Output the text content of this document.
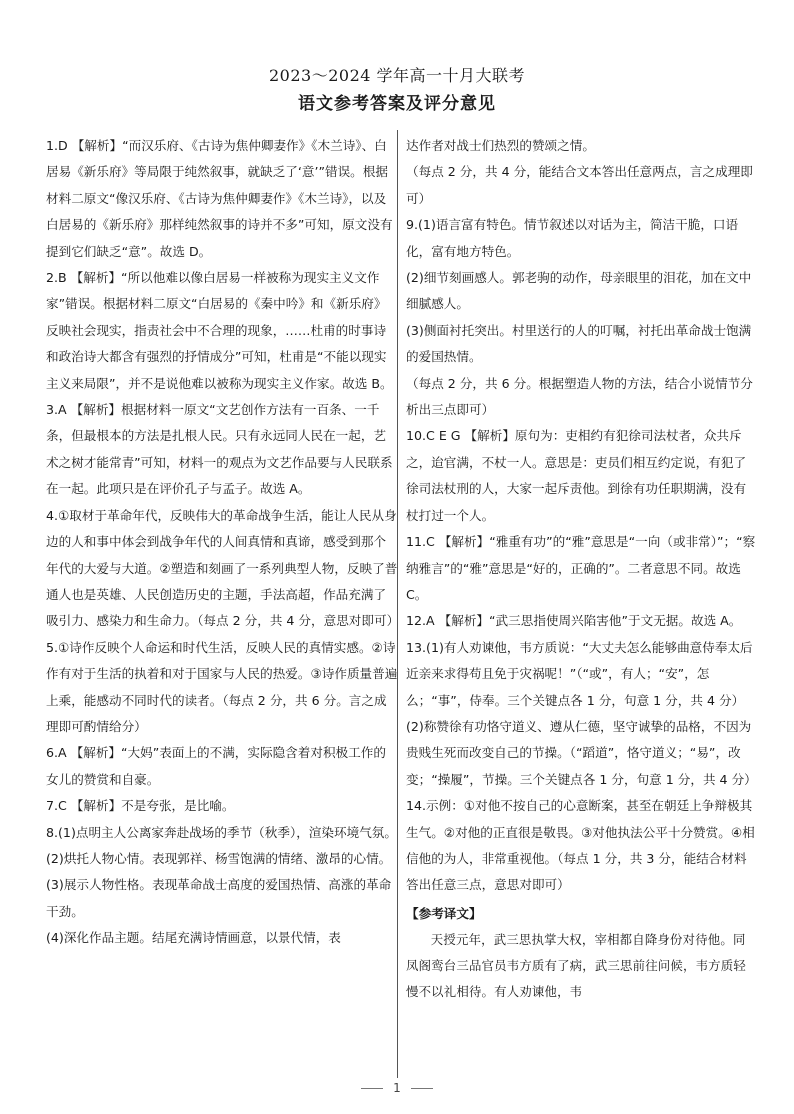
2023～2024 学年高一十月大联考
语文参考答案及评分意见

1.D 【解析】“而汉乐府、《古诗为焦仲卿妻作》《木兰诗》、白居易《新乐府》等局限于纯然叙事，就缺乏了‘意’”错误。根据材料二原文“像汉乐府、《古诗为焦仲卿妻作》《木兰诗》，以及白居易的《新乐府》那样纯然叙事的诗并不多”可知，原文没有提到它们缺乏“意”。故选 D。

2.B 【解析】“所以他难以像白居易一样被称为现实主义文作家”错误。根据材料二原文“白居易的《秦中吟》和《新乐府》反映社会现实，指责社会中不合理的现象，……杜甫的时事诗和政治诗大都含有强烈的抒情成分”可知，杜甫是“不能以现实主义来局限”，并不是说他难以被称为现实主义作家。故选 B。

3.A 【解析】根据材料一原文“文艺创作方法有一百条、一千条，但最根本的方法是扎根人民。只有永远同人民在一起，艺术之树才能常青”可知，材料一的观点为文艺作品要与人民联系在一起。此项只是在评价孔子与孟子。故选 A。

4.①取材于革命年代，反映伟大的革命战争生活，能让人民从身边的人和事中体会到战争年代的人间真情和真谛，感受到那个年代的大爱与大道。②塑造和刻画了一系列典型人物，反映了普通人也是英雄、人民创造历史的主题，手法高超，作品充满了吸引力、感染力和生命力。（每点 2 分，共 4 分，意思对即可）

5.①诗作反映个人命运和时代生活，反映人民的真情实感。②诗作有对于生活的执着和对于国家与人民的热爱。③诗作质量普遍上乘，能感动不同时代的读者。（每点 2 分，共 6 分。言之成理即可酌情给分）

6.A 【解析】“大妈”表面上的不满，实际隐含着对积极工作的女儿的赞赏和自豪。

7.C 【解析】不是夸张，是比喻。

8.(1)点明主人公离家奔赴战场的季节（秋季），渲染环境气氛。

(2)烘托人物心情。表现郭祥、杨雪饱满的情绪、激昂的心情。

(3)展示人物性格。表现革命战士高度的爱国热情、高涨的革命干劲。

(4)深化作品主题。结尾充满诗情画意，以景代情，表

达作者对战士们热烈的赞颂之情。

（每点 2 分，共 4 分，能结合文本答出任意两点，言之成理即可）

9.(1)语言富有特色。情节叙述以对话为主，简洁干脆，口语化，富有地方特色。

(2)细节刻画感人。郭老驹的动作，母亲眼里的泪花，加在文中细腻感人。

(3)侧面衬托突出。村里送行的人的叮嘱，衬托出革命战士饱满的爱国热情。

（每点 2 分，共 6 分。根据塑造人物的方法，结合小说情节分析出三点即可）

10.C E G 【解析】原句为：吏相约有犯徐司法杖者，众共斥之，迨官满，不杖一人。意思是：吏员们相互约定说，有犯了徐司法杖刑的人，大家一起斥责他。到徐有功任职期满，没有杖打过一个人。

11.C 【解析】“雅重有功”的“雅”意思是“一向（或非常）”；“察纳雅言”的“雅”意思是“好的，正确的”。二者意思不同。故选 C。

12.A 【解析】“武三思指使周兴陷害他”于文无据。故选 A。

13.(1)有人劝谏他，韦方质说：“大丈夫怎么能够曲意侍奉太后近亲来求得苟且免于灾祸呢！”（“或”，有人；“安”，怎么；“事”，侍奉。三个关键点各 1 分，句意 1 分，共 4 分）

(2)称赞徐有功恪守道义、遵从仁德，坚守诚挚的品格，不因为贵贱生死而改变自己的节操。（“蹈道”，恪守道义；“易”，改变；“操履”，节操。三个关键点各 1 分，句意 1 分，共 4 分）

14.示例：①对他不按自己的心意断案，甚至在朝廷上争辩极其生气。②对他的正直很是敬畏。③对他执法公平十分赞赏。④相信他的为人，非常重视他。（每点 1 分，共 3 分，能结合材料答出任意三点，意思对即可）

【参考译文】

天授元年，武三思执掌大权，宰相都自降身份对待他。同凤阁鸾台三品官员韦方质有了病，武三思前往问候，韦方质轻慢不以礼相待。有人劝谏他，韦

1
